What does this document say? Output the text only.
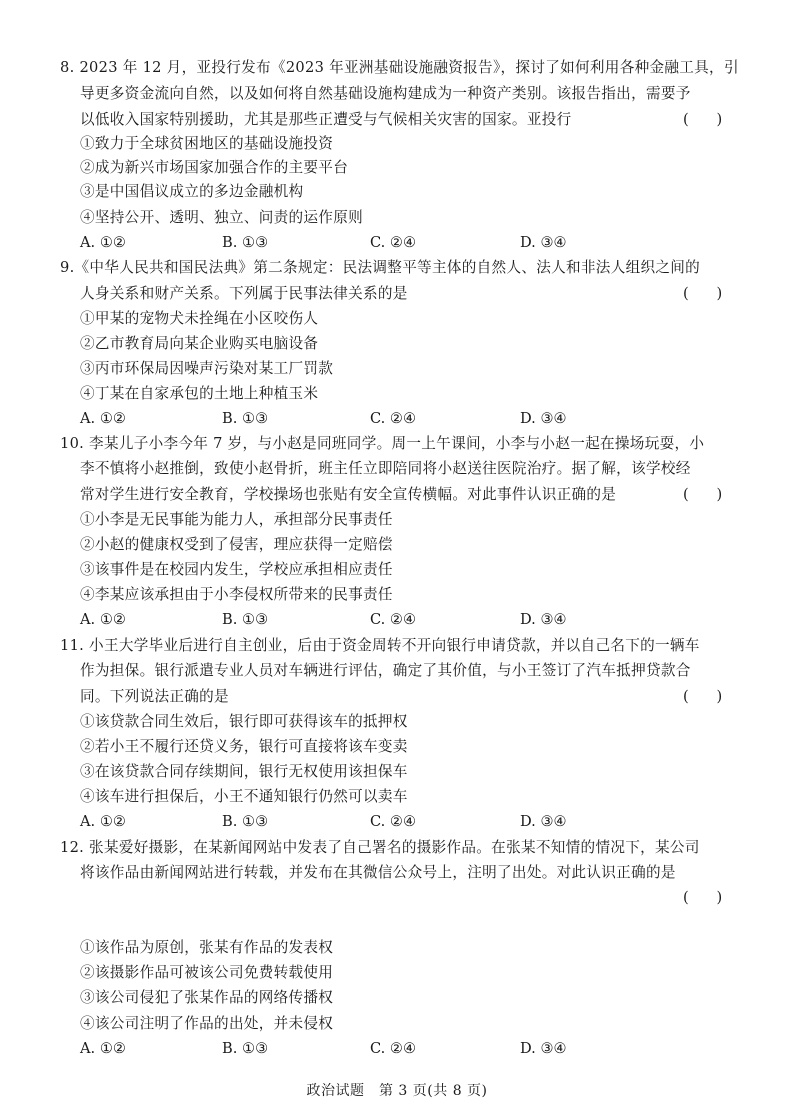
8. 2023 年 12 月，亚投行发布《2023 年亚洲基础设施融资报告》，探讨了如何利用各种金融工具，引
导更多资金流向自然，以及如何将自然基础设施构建成为一种资产类别。该报告指出，需要予
以低收入国家特别援助，尤其是那些正遭受与气候相关灾害的国家。亚投行	(      )
①致力于全球贫困地区的基础设施投资
②成为新兴市场国家加强合作的主要平台
③是中国倡议成立的多边金融机构
④坚持公开、透明、独立、问责的运作原则
A. ①②	B. ①③	C. ②④	D. ③④
9.《中华人民共和国民法典》第二条规定：民法调整平等主体的自然人、法人和非法人组织之间的
人身关系和财产关系。下列属于民事法律关系的是	(      )
①甲某的宠物犬未拴绳在小区咬伤人
②乙市教育局向某企业购买电脑设备
③丙市环保局因噪声污染对某工厂罚款
④丁某在自家承包的土地上种植玉米
A. ①②	B. ①③	C. ②④	D. ③④
10. 李某儿子小李今年 7 岁，与小赵是同班同学。周一上午课间，小李与小赵一起在操场玩耍，小
李不慎将小赵推倒，致使小赵骨折，班主任立即陪同将小赵送往医院治疗。据了解，该学校经
常对学生进行安全教育，学校操场也张贴有安全宣传横幅。对此事件认识正确的是	(      )
①小李是无民事能为能力人，承担部分民事责任
②小赵的健康权受到了侵害，理应获得一定赔偿
③该事件是在校园内发生，学校应承担相应责任
④李某应该承担由于小李侵权所带来的民事责任
A. ①②	B. ①③	C. ②④	D. ③④
11. 小王大学毕业后进行自主创业，后由于资金周转不开向银行申请贷款，并以自己名下的一辆车
作为担保。银行派遣专业人员对车辆进行评估，确定了其价值，与小王签订了汽车抵押贷款合
同。下列说法正确的是	(      )
①该贷款合同生效后，银行即可获得该车的抵押权
②若小王不履行还贷义务，银行可直接将该车变卖
③在该贷款合同存续期间，银行无权使用该担保车
④该车进行担保后，小王不通知银行仍然可以卖车
A. ①②	B. ①③	C. ②④	D. ③④
12. 张某爱好摄影，在某新闻网站中发表了自己署名的摄影作品。在张某不知情的情况下，某公司
将该作品由新闻网站进行转载，并发布在其微信公众号上，注明了出处。对此认识正确的是
(      )
①该作品为原创，张某有作品的发表权
②该摄影作品可被该公司免费转载使用
③该公司侵犯了张某作品的网络传播权
④该公司注明了作品的出处，并未侵权
A. ①②	B. ①③	C. ②④	D. ③④
政治试题　第 3 页(共 8 页)
